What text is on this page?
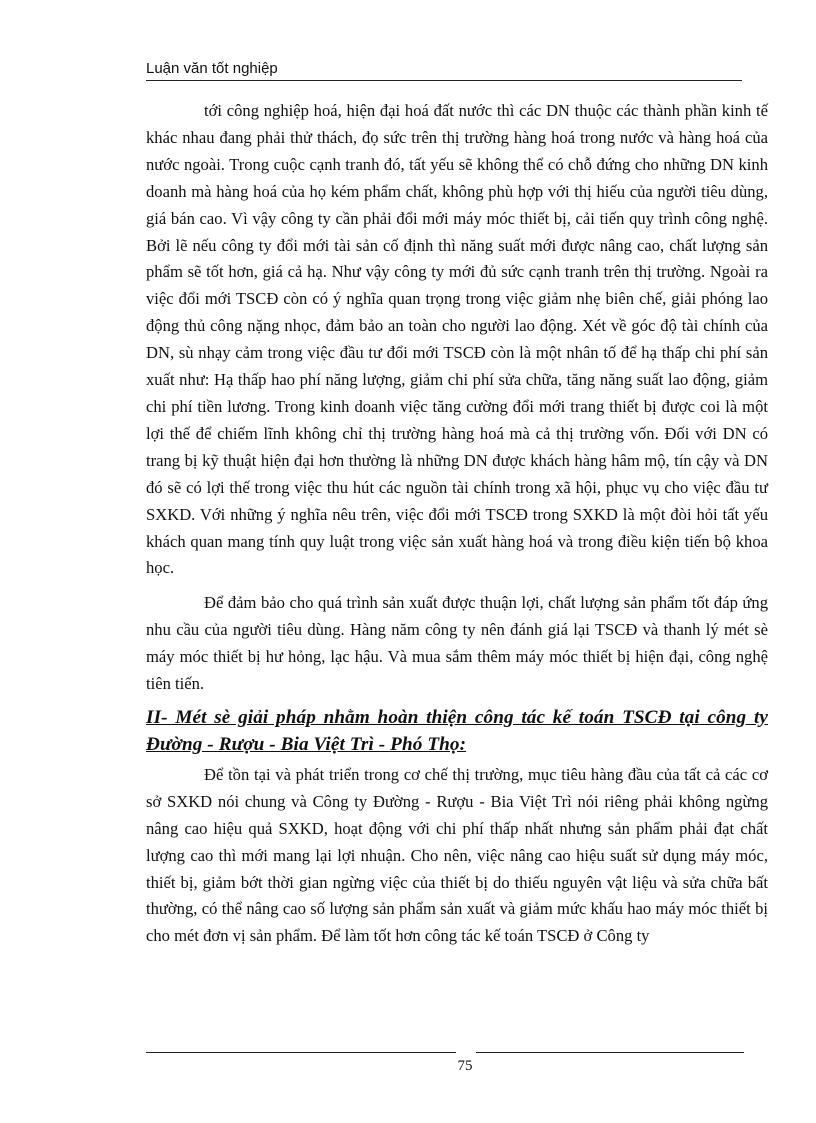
Luận văn tốt nghiệp

tới công nghiệp hoá, hiện đại hoá đất nước thì các DN thuộc các thành phần kinh tế khác nhau đang phải thử thách, đọ sức trên thị trường hàng hoá trong nước và hàng hoá của nước ngoài. Trong cuộc cạnh tranh đó, tất yếu sẽ không thể có chỗ đứng cho những DN kinh doanh mà hàng hoá của họ kém phẩm chất, không phù hợp với thị hiếu của người tiêu dùng, giá bán cao. Vì vậy công ty cần phải đổi mới máy móc thiết bị, cải tiến quy trình công nghệ. Bởi lẽ nếu công ty đổi mới tài sản cố định thì năng suất mới được nâng cao, chất lượng sản phẩm sẽ tốt hơn, giá cả hạ. Như vậy công ty mới đủ sức cạnh tranh trên thị trường. Ngoài ra việc đổi mới TSCĐ còn có ý nghĩa quan trọng trong việc giảm nhẹ biên chế, giải phóng lao động thủ công nặng nhọc, đảm bảo an toàn cho người lao động. Xét về góc độ tài chính của DN, sù nhạy cảm trong việc đầu tư đổi mới TSCĐ còn là một nhân tố để hạ thấp chi phí sản xuất như: Hạ thấp hao phí năng lượng, giảm chi phí sửa chữa, tăng năng suất lao động, giảm chi phí tiền lương. Trong kinh doanh việc tăng cường đổi mới trang thiết bị được coi là một lợi thế để chiếm lĩnh không chỉ thị trường hàng hoá mà cả thị trường vốn. Đối với DN có trang bị kỹ thuật hiện đại hơn thường là những DN được khách hàng hâm mộ, tín cậy và DN đó sẽ có lợi thế trong việc thu hút các nguồn tài chính trong xã hội, phục vụ cho việc đầu tư SXKD. Với những ý nghĩa nêu trên, việc đổi mới TSCĐ trong SXKD là một đòi hỏi tất yếu khách quan mang tính quy luật trong việc sản xuất hàng hoá và trong điều kiện tiến bộ khoa học.

Để đảm bảo cho quá trình sản xuất được thuận lợi, chất lượng sản phẩm tốt đáp ứng nhu cầu của người tiêu dùng. Hàng năm công ty nên đánh giá lại TSCĐ và thanh lý mét sè máy móc thiết bị hư hỏng, lạc hậu. Và mua sắm thêm máy móc thiết bị hiện đại, công nghệ tiên tiến.

II- Mét sè giải pháp nhằm hoàn thiện công tác kế toán TSCĐ tại công ty Đường - Rượu - Bia Việt Trì - Phó Thọ:

Để tồn tại và phát triển trong cơ chế thị trường, mục tiêu hàng đầu của tất cả các cơ sở SXKD nói chung và Công ty Đường - Rượu - Bia Việt Trì nói riêng phải không ngừng nâng cao hiệu quả SXKD, hoạt động với chi phí thấp nhất nhưng sản phẩm phải đạt chất lượng cao thì mới mang lại lợi nhuận. Cho nên, việc nâng cao hiệu suất sử dụng máy móc, thiết bị, giảm bớt thời gian ngừng việc của thiết bị do thiếu nguyên vật liệu và sửa chữa bất thường, có thể nâng cao số lượng sản phẩm sản xuất và giảm mức khấu hao máy móc thiết bị cho mét đơn vị sản phẩm. Để làm tốt hơn công tác kế toán TSCĐ ở Công ty

75
